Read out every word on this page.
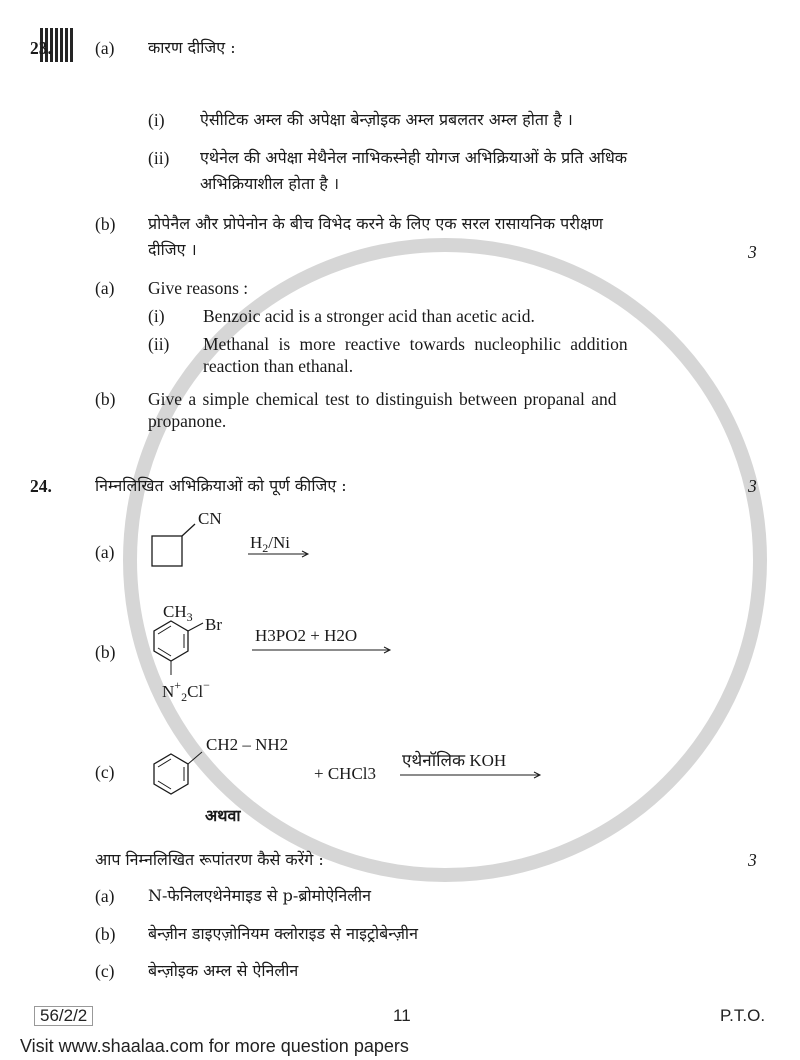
23. (a) कारण दीजिए :
(i) ऐसीटिक अम्ल की अपेक्षा बेन्ज़ोइक अम्ल प्रबलतर अम्ल होता है ।
(ii) एथेनेल की अपेक्षा मेथैनेल नाभिकस्नेही योगज अभिक्रियाओं के प्रति अधिक
अभिक्रियाशील होता है ।
(b) प्रोपेनैल और प्रोपेनोन के बीच विभेद करने के लिए एक सरल रासायनिक परीक्षण
दीजिए ।	3
(a) Give reasons :
(i) Benzoic acid is a stronger acid than acetic acid.
(ii) Methanal is more reactive towards nucleophilic addition
reaction than ethanal.
(b) Give a simple chemical test to distinguish between propanal and
propanone.
24.	निम्नलिखित अभिक्रियाओं को पूर्ण कीजिए :	3
(a)
CN
$H_2/Ni$
(b)
$CH_3$ Br
$N^+_2Cl^-$
H3PO2 + H2O
(c)
CH2 – NH2
+ CHCl3
एथेनॉलिक KOH
अथवा
आप निम्नलिखित रूपांतरण कैसे करेंगे :	3
(a) N-फेनिलएथेनेमाइड से p-ब्रोमोऐनिलीन
(b) बेन्ज़ीन डाइएज़ोनियम क्लोराइड से नाइट्रोबेन्ज़ीन
(c) बेन्ज़ोइक अम्ल से ऐनिलीन
56/2/2	11	P.T.O.
Visit www.shaalaa.com for more question papers
